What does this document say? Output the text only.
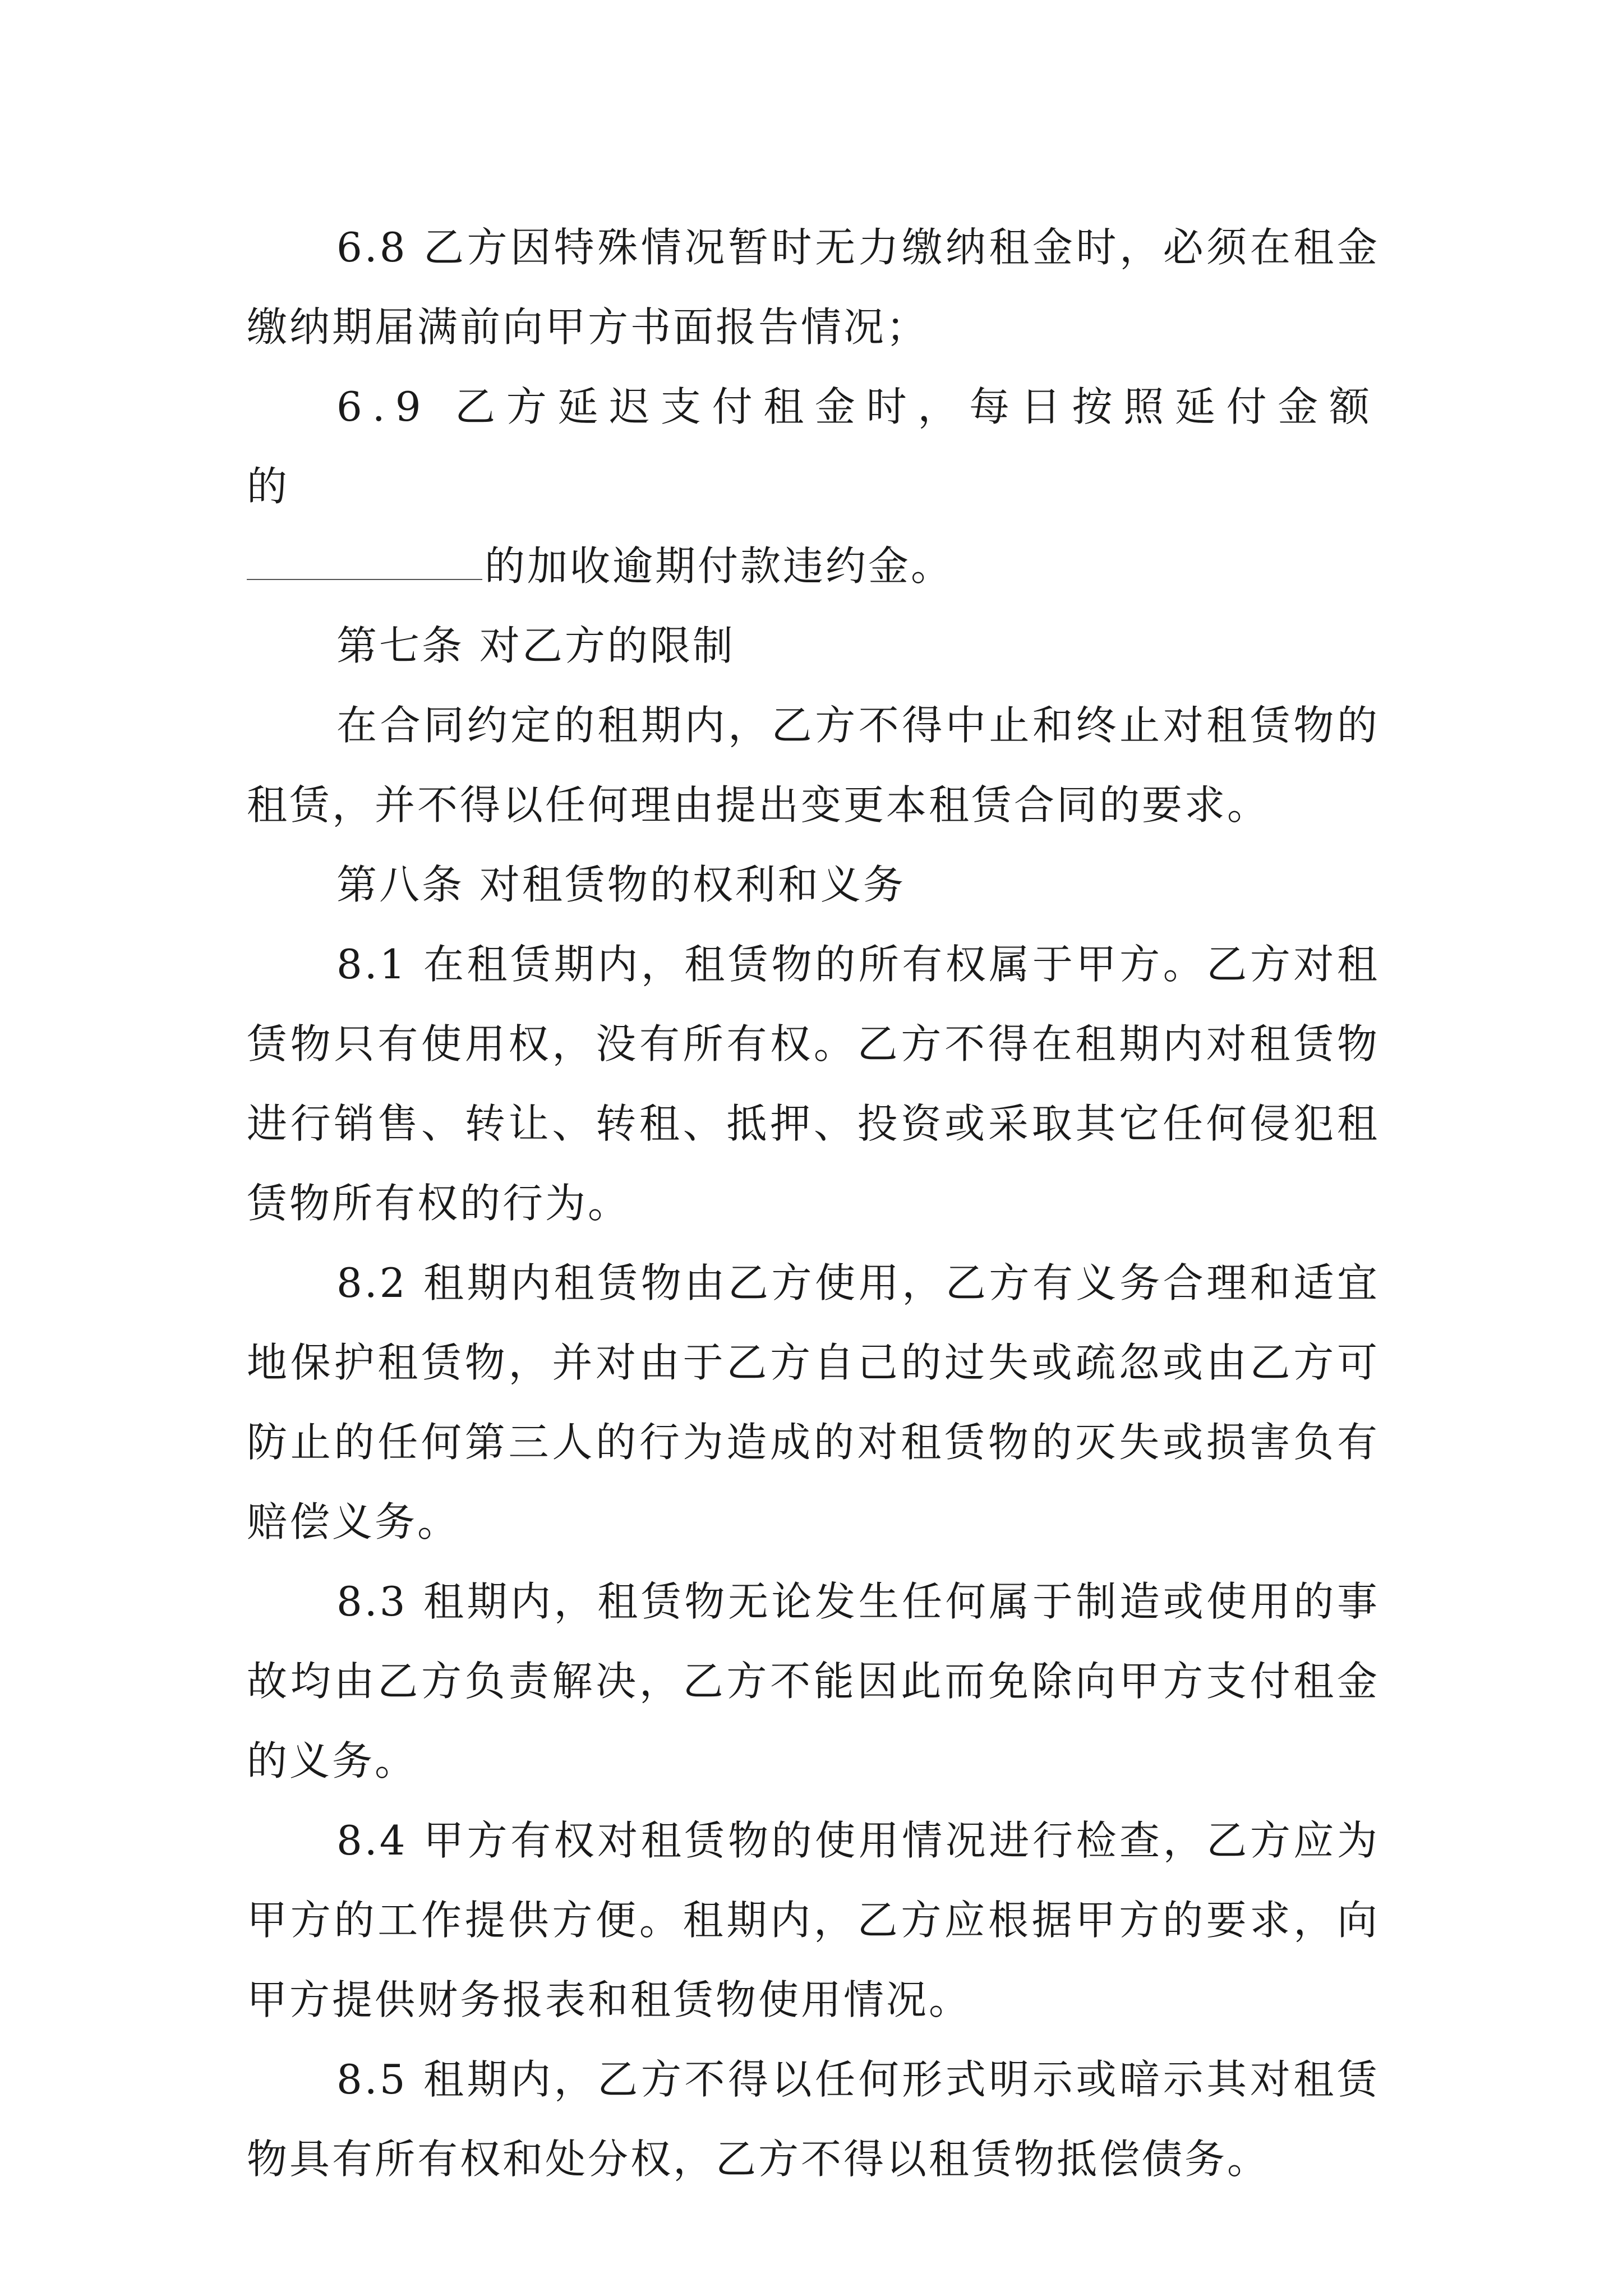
6.8 乙方因特殊情况暂时无力缴纳租金时，必须在租金缴纳期届满前向甲方书面报告情况；

6.9 乙方延迟支付租金时，每日按照延付金额的
的加收逾期付款违约金。

第七条 对乙方的限制

在合同约定的租期内，乙方不得中止和终止对租赁物的租赁，并不得以任何理由提出变更本租赁合同的要求。

第八条 对租赁物的权利和义务

8.1 在租赁期内，租赁物的所有权属于甲方。乙方对租赁物只有使用权，没有所有权。乙方不得在租期内对租赁物进行销售、转让、转租、抵押、投资或采取其它任何侵犯租赁物所有权的行为。

8.2 租期内租赁物由乙方使用，乙方有义务合理和适宜地保护租赁物，并对由于乙方自己的过失或疏忽或由乙方可防止的任何第三人的行为造成的对租赁物的灭失或损害负有赔偿义务。

8.3 租期内，租赁物无论发生任何属于制造或使用的事故均由乙方负责解决，乙方不能因此而免除向甲方支付租金的义务。

8.4 甲方有权对租赁物的使用情况进行检查，乙方应为甲方的工作提供方便。租期内，乙方应根据甲方的要求，向甲方提供财务报表和租赁物使用情况。

8.5 租期内，乙方不得以任何形式明示或暗示其对租赁物具有所有权和处分权，乙方不得以租赁物抵偿债务。
